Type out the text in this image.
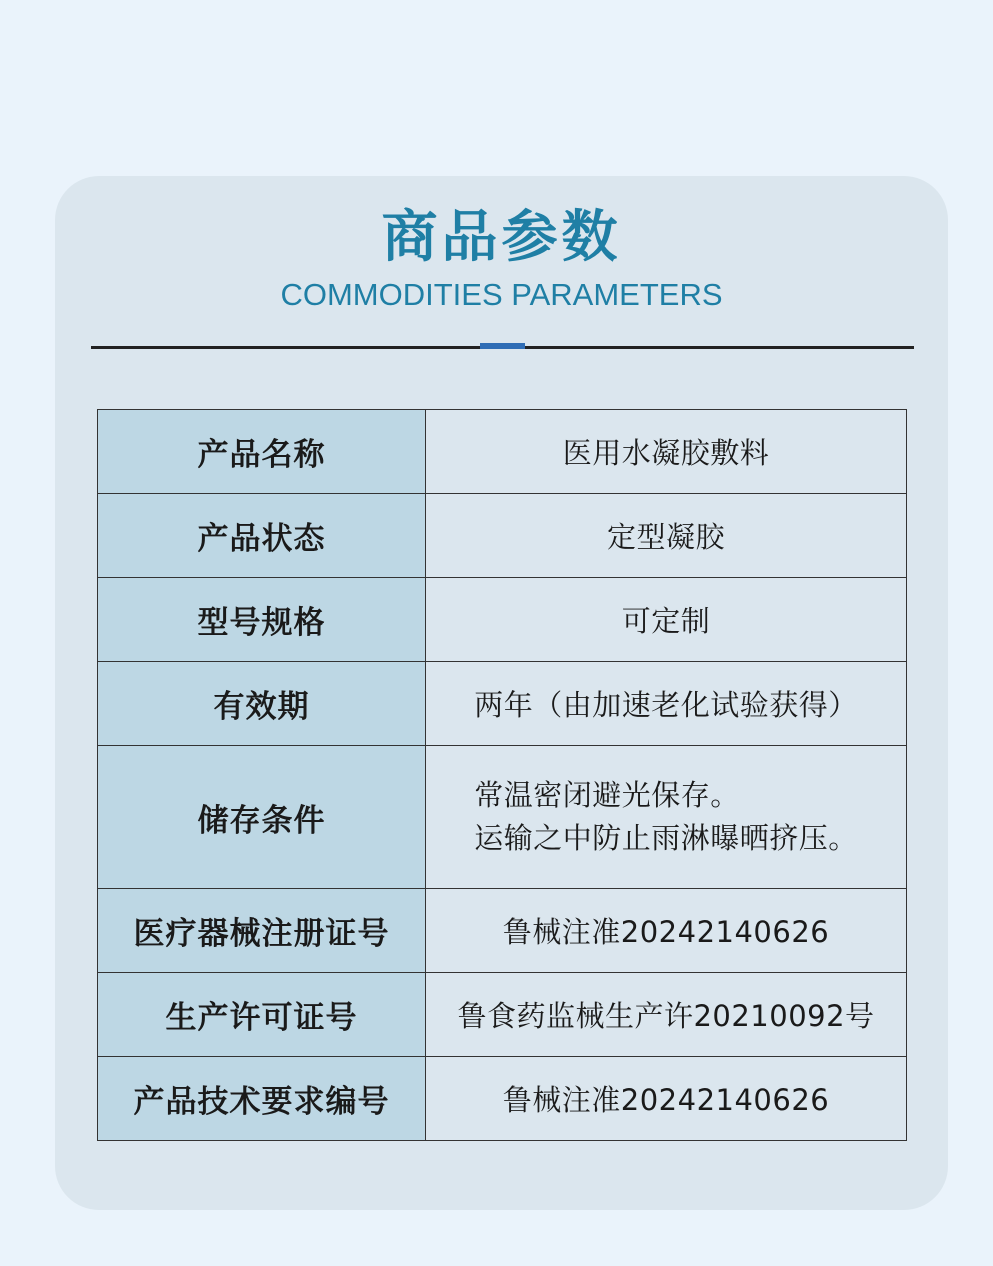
商品参数
COMMODITIES PARAMETERS
产品名称	医用水凝胶敷料
产品状态	定型凝胶
型号规格	可定制
有效期	两年（由加速老化试验获得）
储存条件	常温密闭避光保存。
运输之中防止雨淋曝晒挤压。

医疗器械注册证号	鲁械注准20242140626
生产许可证号	鲁食药监械生产许20210092号
产品技术要求编号	鲁械注准20242140626
